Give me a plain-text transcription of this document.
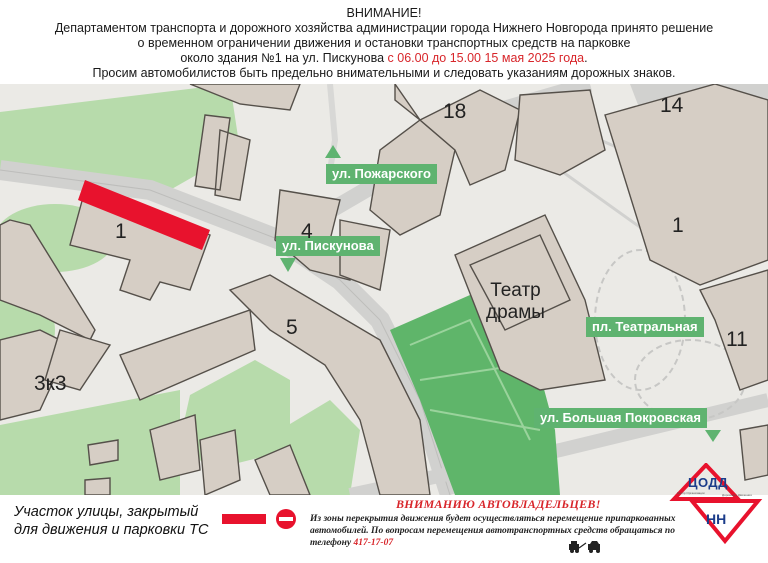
ВНИМАНИЕ!
Департаментом транспорта и дорожного хозяйства администрации города Нижнего Новгорода принято решение
о временном ограничении движения и остановки транспортных средств на парковке
около здания №1 на ул. Пискунова с 06.00 до 15.00 15 мая 2025 года.
Просим автомобилистов быть предельно внимательными и следовать указаниям дорожных знаков.
ул. Пожарского
ул. Пискунова
пл. Театральная
ул. Большая Покровская
18	14
1	4	1
5
11
3к3
Театр
драмы
Участок улицы, закрытый
для движения и парковки ТС
ВНИМАНИЮ АВТОВЛАДЕЛЬЦЕВ!
Из зоны перекрытия движения будет осуществляться перемещение припаркованных автомобилей. По вопросам перемещения автотранспортных средств обращаться по телефону 417-17-07
ЦОДД
НН
Центр Организации	Дорожного Движения
